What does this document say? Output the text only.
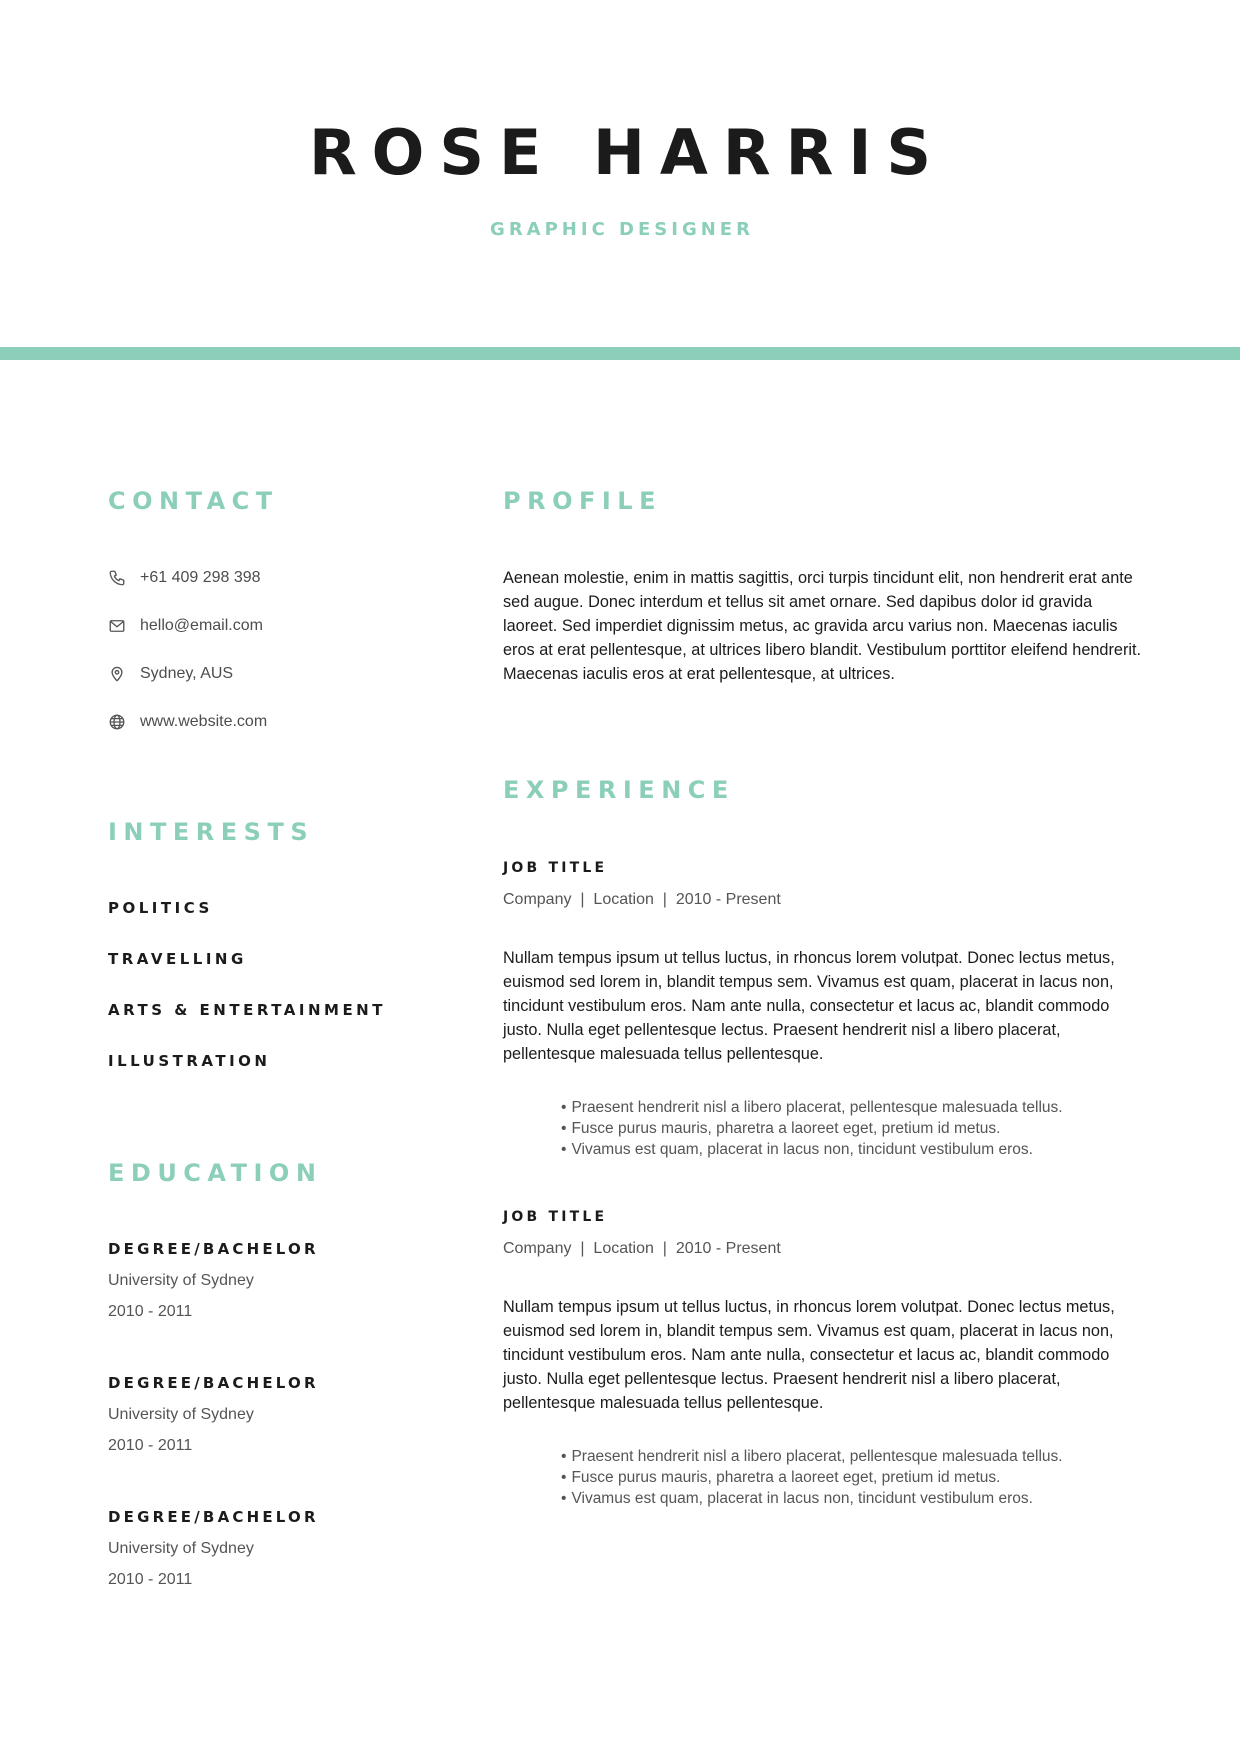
ROSE HARRIS
GRAPHIC DESIGNER
CONTACT
+61 409 298 398
hello@email.com
Sydney, AUS
www.website.com
INTERESTS
POLITICS
TRAVELLING
ARTS & ENTERTAINMENT
ILLUSTRATION
EDUCATION
DEGREE/BACHELOR
University of Sydney
2010 - 2011
DEGREE/BACHELOR
University of Sydney
2010 - 2011
DEGREE/BACHELOR
University of Sydney
2010 - 2011
PROFILE
Aenean molestie, enim in mattis sagittis, orci turpis tincidunt elit, non hendrerit erat ante sed augue. Donec interdum et tellus sit amet ornare. Sed dapibus dolor id gravida laoreet. Sed imperdiet dignissim metus, ac gravida arcu varius non. Maecenas iaculis eros at erat pellentesque, at ultrices libero blandit. Vestibulum porttitor eleifend hendrerit. Maecenas iaculis eros at erat pellentesque, at ultrices.
EXPERIENCE
JOB TITLE
Company  |  Location  |  2010 - Present
Nullam tempus ipsum ut tellus luctus, in rhoncus lorem volutpat. Donec lectus metus, euismod sed lorem in, blandit tempus sem. Vivamus est quam, placerat in lacus non, tincidunt vestibulum eros. Nam ante nulla, consectetur et lacus ac, blandit commodo justo. Nulla eget pellentesque lectus. Praesent hendrerit nisl a libero placerat, pellentesque malesuada tellus pellentesque.
• Praesent hendrerit nisl a libero placerat, pellentesque malesuada tellus.
• Fusce purus mauris, pharetra a laoreet eget, pretium id metus.
• Vivamus est quam, placerat in lacus non, tincidunt vestibulum eros.
JOB TITLE
Company  |  Location  |  2010 - Present
Nullam tempus ipsum ut tellus luctus, in rhoncus lorem volutpat. Donec lectus metus, euismod sed lorem in, blandit tempus sem. Vivamus est quam, placerat in lacus non, tincidunt vestibulum eros. Nam ante nulla, consectetur et lacus ac, blandit commodo justo. Nulla eget pellentesque lectus. Praesent hendrerit nisl a libero placerat, pellentesque malesuada tellus pellentesque.
• Praesent hendrerit nisl a libero placerat, pellentesque malesuada tellus.
• Fusce purus mauris, pharetra a laoreet eget, pretium id metus.
• Vivamus est quam, placerat in lacus non, tincidunt vestibulum eros.
